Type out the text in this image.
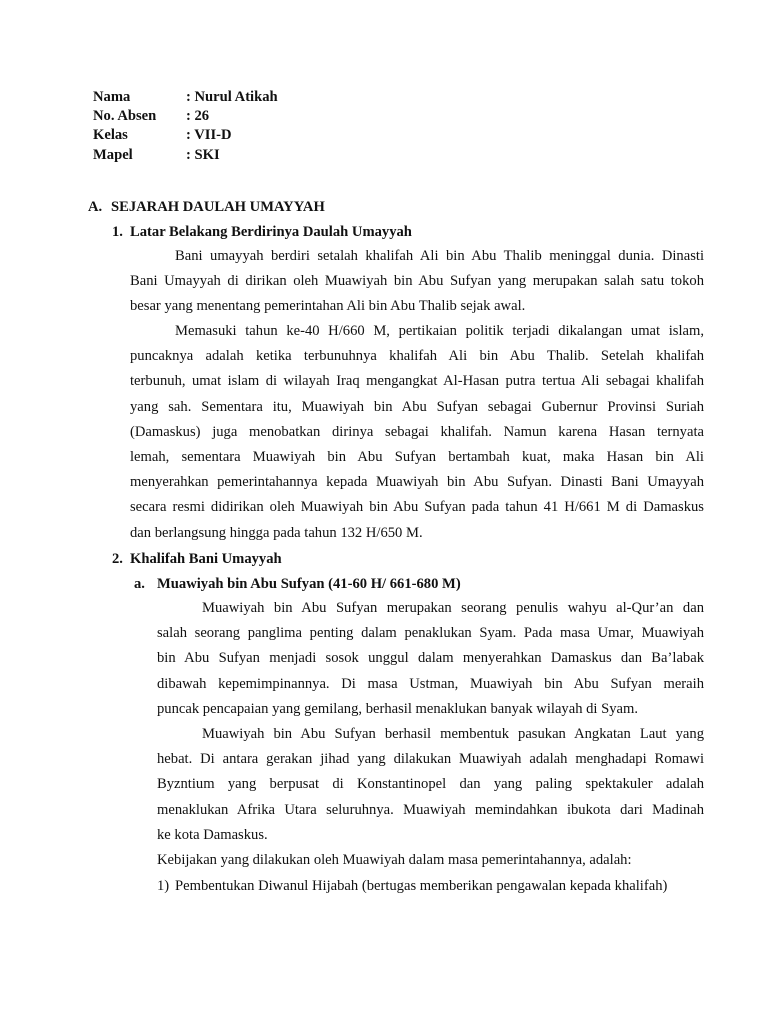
Nama	: Nurul Atikah
No. Absen : 26
Kelas	: VII-D
Mapel	: SKI
A. SEJARAH DAULAH UMAYYAH
1. Latar Belakang Berdirinya Daulah Umayyah
Bani umayyah berdiri setalah khalifah Ali bin Abu Thalib meninggal dunia. Dinasti
Bani Umayyah di dirikan oleh Muawiyah bin Abu Sufyan yang merupakan salah satu tokoh
besar yang menentang pemerintahan Ali bin Abu Thalib sejak awal.
Memasuki tahun ke-40 H/660 M, pertikaian politik terjadi dikalangan umat islam,
puncaknya adalah ketika terbunuhnya khalifah Ali bin Abu Thalib. Setelah khalifah
terbunuh, umat islam di wilayah Iraq mengangkat Al-Hasan putra tertua Ali sebagai khalifah
yang sah. Sementara itu, Muawiyah bin Abu Sufyan sebagai Gubernur Provinsi Suriah
(Damaskus) juga menobatkan dirinya sebagai khalifah. Namun karena Hasan ternyata
lemah, sementara Muawiyah bin Abu Sufyan bertambah kuat, maka Hasan bin Ali
menyerahkan pemerintahannya kepada Muawiyah bin Abu Sufyan. Dinasti Bani Umayyah
secara resmi didirikan oleh Muawiyah bin Abu Sufyan pada tahun 41 H/661 M di Damaskus
dan berlangsung hingga pada tahun 132 H/650 M.
2. Khalifah Bani Umayyah
a. Muawiyah bin Abu Sufyan (41-60 H/ 661-680 M)
Muawiyah bin Abu Sufyan merupakan seorang penulis wahyu al-Qur’an dan
salah seorang panglima penting dalam penaklukan Syam. Pada masa Umar, Muawiyah
bin Abu Sufyan menjadi sosok unggul dalam menyerahkan Damaskus dan Ba’labak
dibawah kepemimpinannya. Di masa Ustman, Muawiyah bin Abu Sufyan meraih
puncak pencapaian yang gemilang, berhasil menaklukan banyak wilayah di Syam.
Muawiyah bin Abu Sufyan berhasil membentuk pasukan Angkatan Laut yang
hebat. Di antara gerakan jihad yang dilakukan Muawiyah adalah menghadapi Romawi
Byzntium yang berpusat di Konstantinopel dan yang paling spektakuler adalah
menaklukan Afrika Utara seluruhnya. Muawiyah memindahkan ibukota dari Madinah
ke kota Damaskus.
Kebijakan yang dilakukan oleh Muawiyah dalam masa pemerintahannya, adalah:
1) Pembentukan Diwanul Hijabah (bertugas memberikan pengawalan kepada khalifah)
